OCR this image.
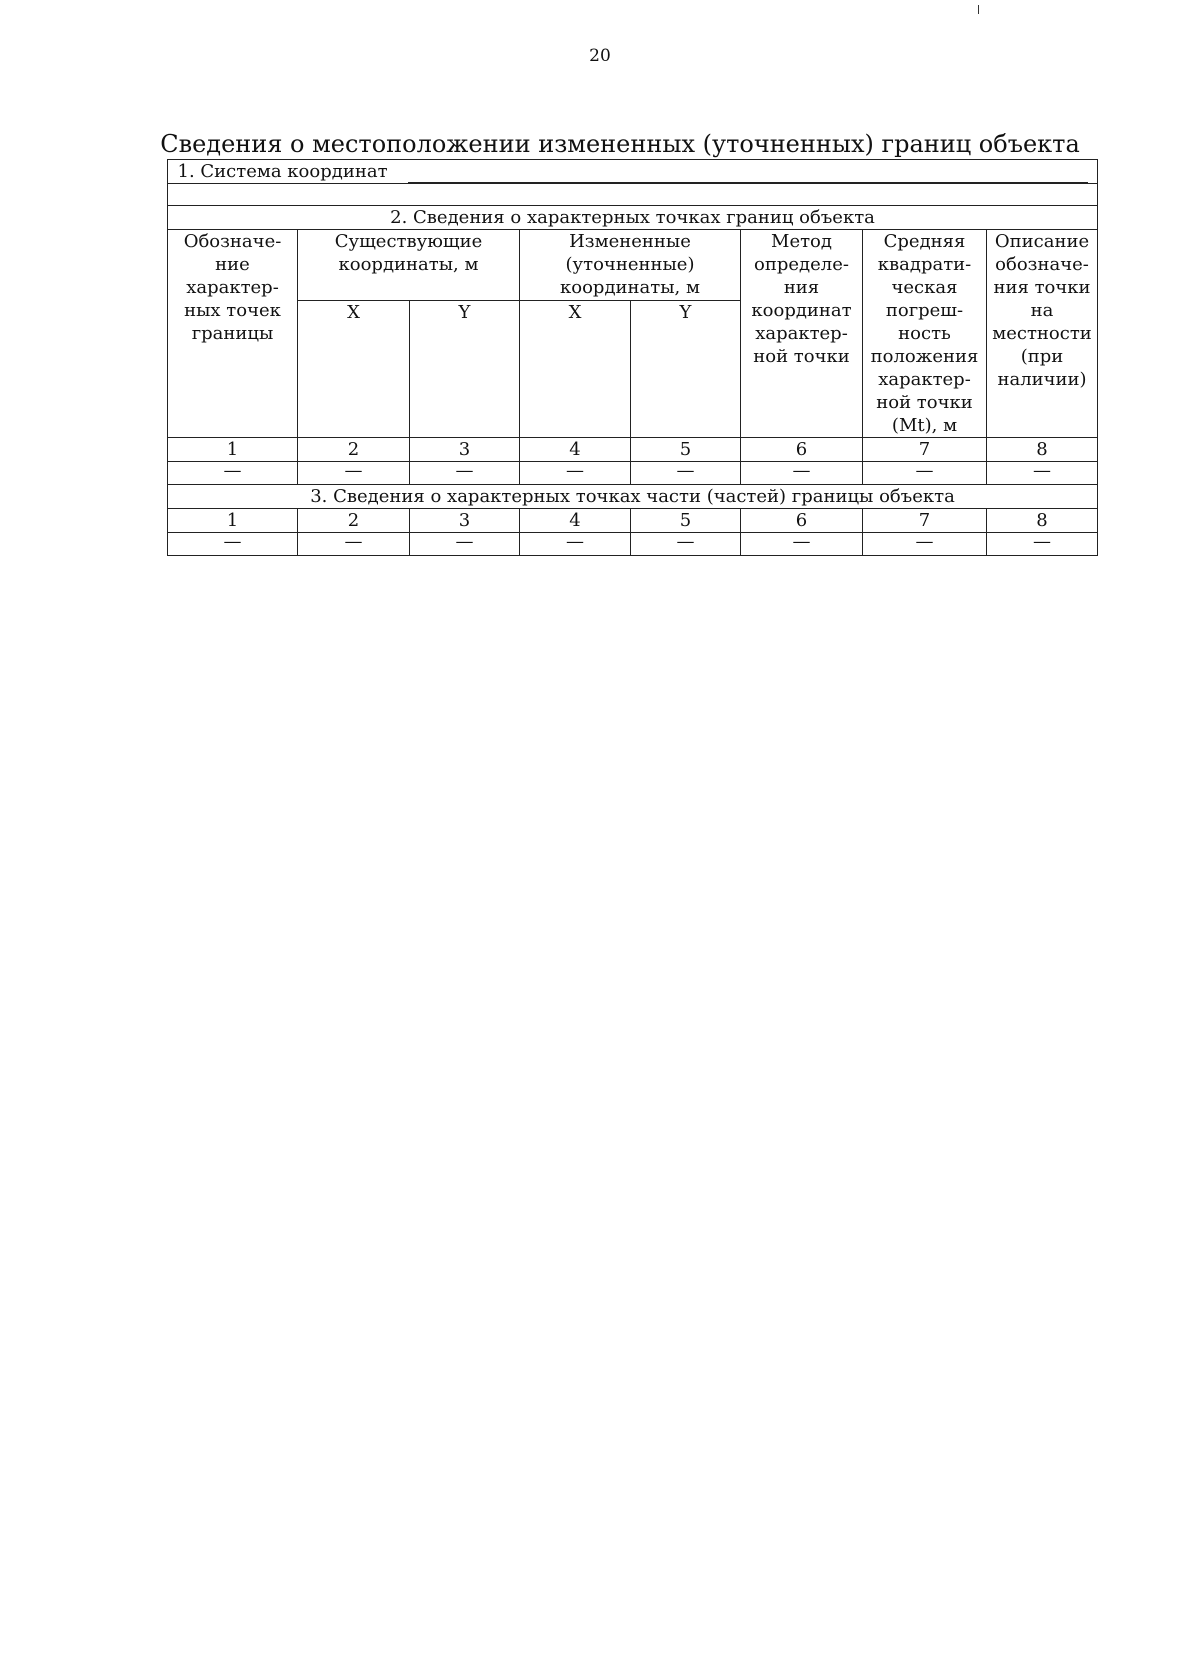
20
Сведения о местоположении измененных (уточненных) границ объекта
1. Система координат							

2. Сведения о характерных точках границ объекта							
Обозначе- ние характер- ных точек границы	Существующие координаты, м		Измененные (уточненные) координаты, м		Метод определе- ния координат характер- ной точки	Средняя квадрати- ческая погреш- ность положения характер- ной точки (Mt), м	Описание обозначе- ния точки на местности (при наличии)
	X	Y	X	Y			
1	2	3	4	5	6	7	8
—	—	—	—	—	—	—	—
3. Сведения о характерных точках части (частей) границы объекта							
1	2	3	4	5	6	7	8
—	—	—	—	—	—	—	—
